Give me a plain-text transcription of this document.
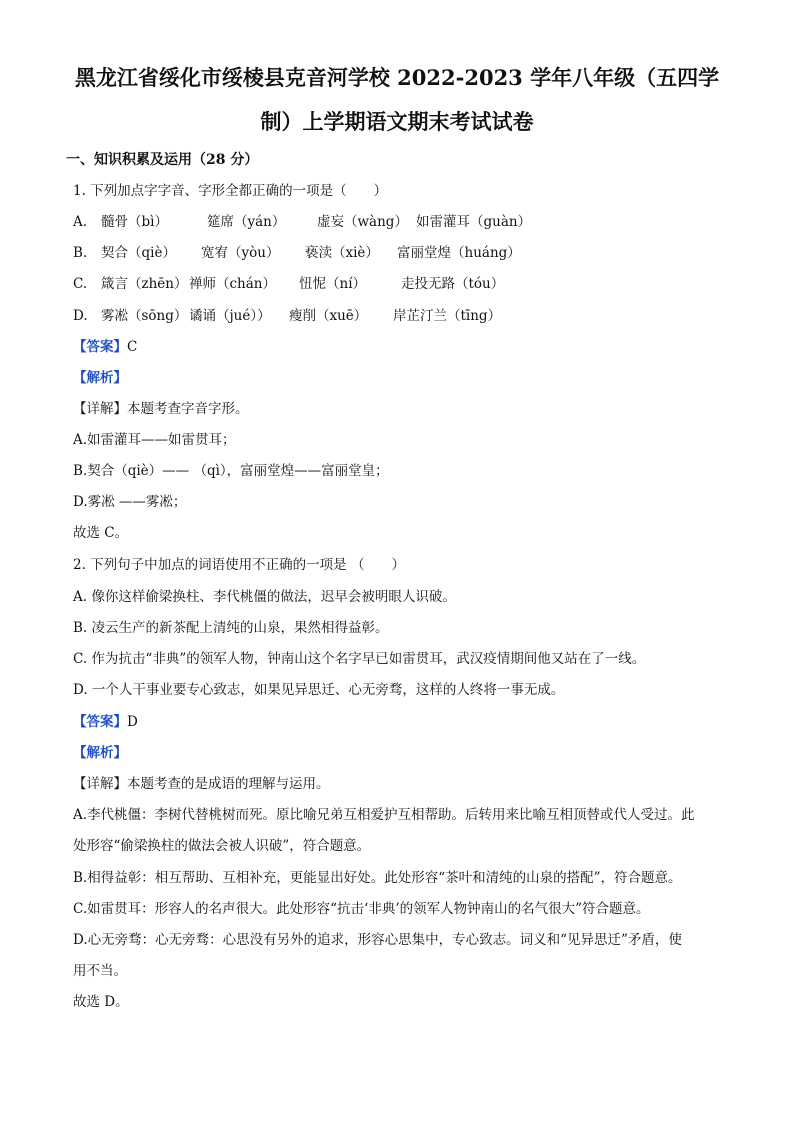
黑龙江省绥化市绥棱县克音河学校 2022-2023 学年八年级（五四学
制）上学期语文期末考试试卷
一、知识积累及运用（28 分）
1. 下列加点字字音、字形全都正确的一项是（　　）
A. 髓骨（bì）	筵席（yán） 虚妄（wàng） 如雷灌耳（guàn）
B. 契合（qiè） 宽宥（yòu） 亵渎（xiè） 富丽堂煌（huáng）
C. 箴言（zhēn） 禅师（chán） 忸怩（ní）	走投无路（tóu）
D. 雾凇（sōng） 谲诵（jué）） 瘦削（xuē） 岸芷汀兰（tīng）
【答案】C
【解析】
【详解】本题考查字音字形。
A.如雷灌耳——如雷贯耳；
B.契合（qiè）—— （qì），富丽堂煌——富丽堂皇；
D.雾凇 ——雾凇；
故选 C。
2. 下列句子中加点的词语使用不正确的一项是 （　　）
A. 像你这样偷梁换柱、李代桃僵的做法，迟早会被明眼人识破。
B. 凌云生产的新茶配上清纯的山泉，果然相得益彰。
C. 作为抗击“非典”的领军人物，钟南山这个名字早已如雷贯耳，武汉疫情期间他又站在了一线。
D. 一个人干事业要专心致志，如果见异思迁、心无旁骛，这样的人终将一事无成。
【答案】D
【解析】
【详解】本题考查的是成语的理解与运用。
A.李代桃僵：李树代替桃树而死。原比喻兄弟互相爱护互相帮助。后转用来比喻互相顶替或代人受过。此
处形容“偷梁换柱的做法会被人识破”，符合题意。
B.相得益彰：相互帮助、互相补充，更能显出好处。此处形容“茶叶和清纯的山泉的搭配”，符合题意。
C.如雷贯耳：形容人的名声很大。此处形容“抗击‘非典’的领军人物钟南山的名气很大”符合题意。
D.心无旁骛：心无旁骛：心思没有另外的追求，形容心思集中，专心致志。词义和“见异思迁”矛盾，使
用不当。
故选 D。
